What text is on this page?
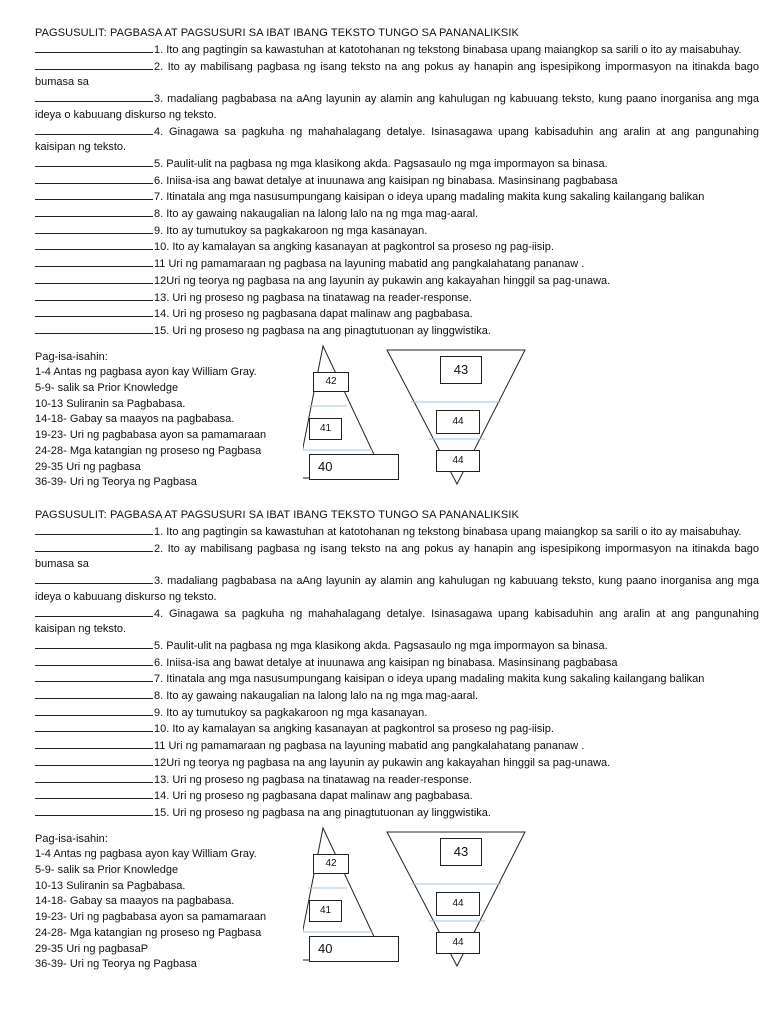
PAGSUSULIT: PAGBASA AT PAGSUSURI SA IBAT IBANG TEKSTO TUNGO SA PANANALIKSIK
1. Ito ang pagtingin sa kawastuhan at katotohanan ng tekstong binabasa upang maiangkop sa sarili o ito ay maisabuhay.
2. Ito ay mabilisang pagbasa ng isang teksto na ang pokus ay hanapin ang ispesipikong impormasyon na itinakda bago bumasa sa
3. madaliang pagbabasa na aAng layunin ay alamin ang kahulugan ng kabuuang teksto, kung paano inorganisa ang mga ideya o kabuuang diskurso ng teksto.
4. Ginagawa sa pagkuha ng mahahalagang detalye. Isinasagawa upang kabisaduhin ang aralin at ang pangunahing kaisipan ng teksto.
5. Paulit-ulit na pagbasa ng mga klasikong akda. Pagsasaulo ng mga impormayon sa binasa.
6. Iniisa-isa ang bawat detalye at inuunawa ang kaisipan ng binabasa. Masinsinang pagbabasa
7. Itinatala ang mga nasusumpungang kaisipan o ideya upang madaling makita kung sakaling kailangang balikan
8. Ito ay gawaing nakaugalian na lalong lalo na ng mga mag-aaral.
9. Ito ay tumutukoy sa pagkakaroon ng mga kasanayan.
10. Ito ay kamalayan sa angking kasanayan at pagkontrol sa proseso ng pag-iisip.
11 Uri ng pamamaraan ng pagbasa na layuning mabatid ang pangkalahatang pananaw .
12Uri ng teorya ng pagbasa na ang layunin ay pukawin ang kakayahan hinggil sa pag-unawa.
13. Uri ng proseso ng pagbasa na tinatawag na reader-response.
14. Uri ng proseso ng pagbasana dapat malinaw ang pagbabasa.
15. Uri ng proseso ng pagbasa na ang pinagtutuonan ay linggwistika.
Pag-isa-isahin:
1-4 Antas ng pagbasa ayon kay William Gray.
5-9- salik sa Prior Knowledge
10-13 Suliranin sa Pagbabasa.
14-18- Gabay sa maayos na pagbabasa.
19-23- Uri ng pagbabasa ayon sa pamamaraan
24-28- Mga katangian ng proseso ng Pagbasa
29-35 Uri ng pagbasa
36-39- Uri ng Teorya ng Pagbasa
42
41
40
43
44
44
PAGSUSULIT: PAGBASA AT PAGSUSURI SA IBAT IBANG TEKSTO TUNGO SA PANANALIKSIK
1. Ito ang pagtingin sa kawastuhan at katotohanan ng tekstong binabasa upang maiangkop sa sarili o ito ay maisabuhay.
2. Ito ay mabilisang pagbasa ng isang teksto na ang pokus ay hanapin ang ispesipikong impormasyon na itinakda bago bumasa sa
3. madaliang pagbabasa na aAng layunin ay alamin ang kahulugan ng kabuuang teksto, kung paano inorganisa ang mga ideya o kabuuang diskurso ng teksto.
4. Ginagawa sa pagkuha ng mahahalagang detalye. Isinasagawa upang kabisaduhin ang aralin at ang pangunahing kaisipan ng teksto.
5. Paulit-ulit na pagbasa ng mga klasikong akda. Pagsasaulo ng mga impormayon sa binasa.
6. Iniisa-isa ang bawat detalye at inuunawa ang kaisipan ng binabasa. Masinsinang pagbabasa
7. Itinatala ang mga nasusumpungang kaisipan o ideya upang madaling makita kung sakaling kailangang balikan
8. Ito ay gawaing nakaugalian na lalong lalo na ng mga mag-aaral.
9. Ito ay tumutukoy sa pagkakaroon ng mga kasanayan.
10. Ito ay kamalayan sa angking kasanayan at pagkontrol sa proseso ng pag-iisip.
11 Uri ng pamamaraan ng pagbasa na layuning mabatid ang pangkalahatang pananaw .
12Uri ng teorya ng pagbasa na ang layunin ay pukawin ang kakayahan hinggil sa pag-unawa.
13. Uri ng proseso ng pagbasa na tinatawag na reader-response.
14. Uri ng proseso ng pagbasana dapat malinaw ang pagbabasa.
15. Uri ng proseso ng pagbasa na ang pinagtutuonan ay linggwistika.
Pag-isa-isahin:
1-4 Antas ng pagbasa ayon kay William Gray.
5-9- salik sa Prior Knowledge
10-13 Suliranin sa Pagbabasa.
14-18- Gabay sa maayos na pagbabasa.
19-23- Uri ng pagbabasa ayon sa pamamaraan
24-28- Mga katangian ng proseso ng Pagbasa
29-35 Uri ng pagbasaP
36-39- Uri ng Teorya ng Pagbasa
42
41
40
43
44
44
